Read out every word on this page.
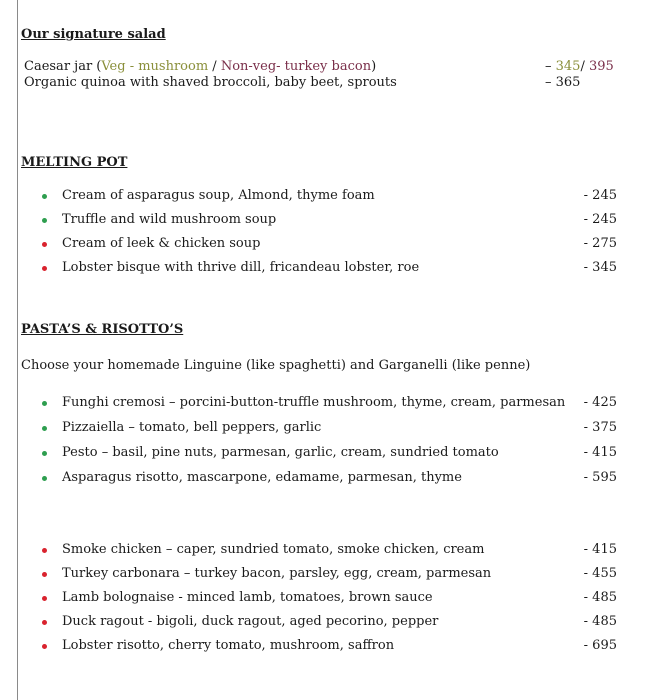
Our signature salad
Caesar jar (Veg - mushroom / Non-veg- turkey bacon)	– 345/ 395
Organic quinoa with shaved broccoli, baby beet, sprouts	– 365
MELTING POT
Cream of asparagus soup, Almond, thyme foam	- 245
Truffle and wild mushroom soup	- 245
Cream of leek & chicken soup	- 275
Lobster bisque with thrive dill, fricandeau lobster, roe	- 345
PASTA’S & RISOTTO’S
Choose your homemade Linguine (like spaghetti) and Garganelli (like penne)
Funghi cremosi – porcini-button-truffle mushroom, thyme, cream, parmesan	- 425
Pizzaiella – tomato, bell peppers, garlic	- 375
Pesto – basil, pine nuts, parmesan, garlic, cream, sundried tomato	- 415
Asparagus risotto, mascarpone, edamame, parmesan, thyme	- 595
Smoke chicken – caper, sundried tomato, smoke chicken, cream	- 415
Turkey carbonara – turkey bacon, parsley, egg, cream, parmesan	- 455
Lamb bolognaise - minced lamb, tomatoes, brown sauce	- 485
Duck ragout - bigoli, duck ragout, aged pecorino, pepper	- 485
Lobster risotto, cherry tomato, mushroom, saffron	- 695
